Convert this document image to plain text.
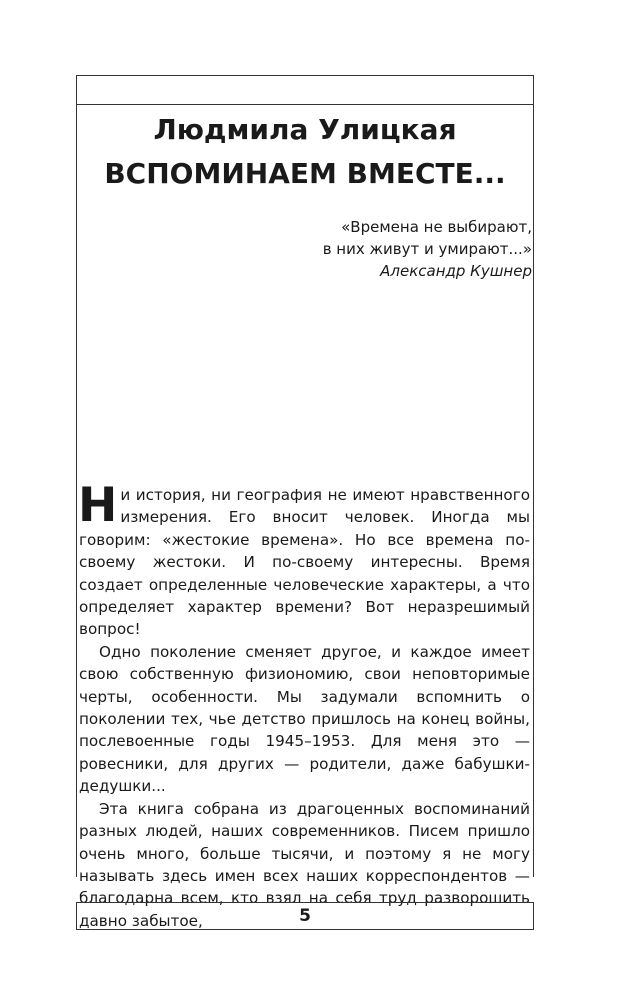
Людмила Улицкая
ВСПОМИНАЕМ ВМЕСТЕ...
«Времена не выбирают,
в них живут и умирают...»
Александр Кушнер

Ни история, ни география не имеют нравственного измерения. Его вносит человек. Иногда мы говорим: «жестокие времена». Но все времена по-своему жестоки. И по-своему интересны. Время создает определенные человеческие характеры, а что определяет характер времени? Вот неразрешимый вопрос!

Одно поколение сменяет другое, и каждое имеет свою собственную физиономию, свои неповторимые черты, особенности. Мы задумали вспомнить о поколении тех, чье детство пришлось на конец войны, послевоенные годы 1945–1953. Для меня это — ровесники, для других — родители, даже бабушки-дедушки...

Эта книга собрана из драгоценных воспоминаний разных людей, наших современников. Писем пришло очень много, больше тысячи, и поэтому я не могу называть здесь имен всех наших корреспондентов — благодарна всем, кто взял на себя труд разворошить давно забытое,	5
